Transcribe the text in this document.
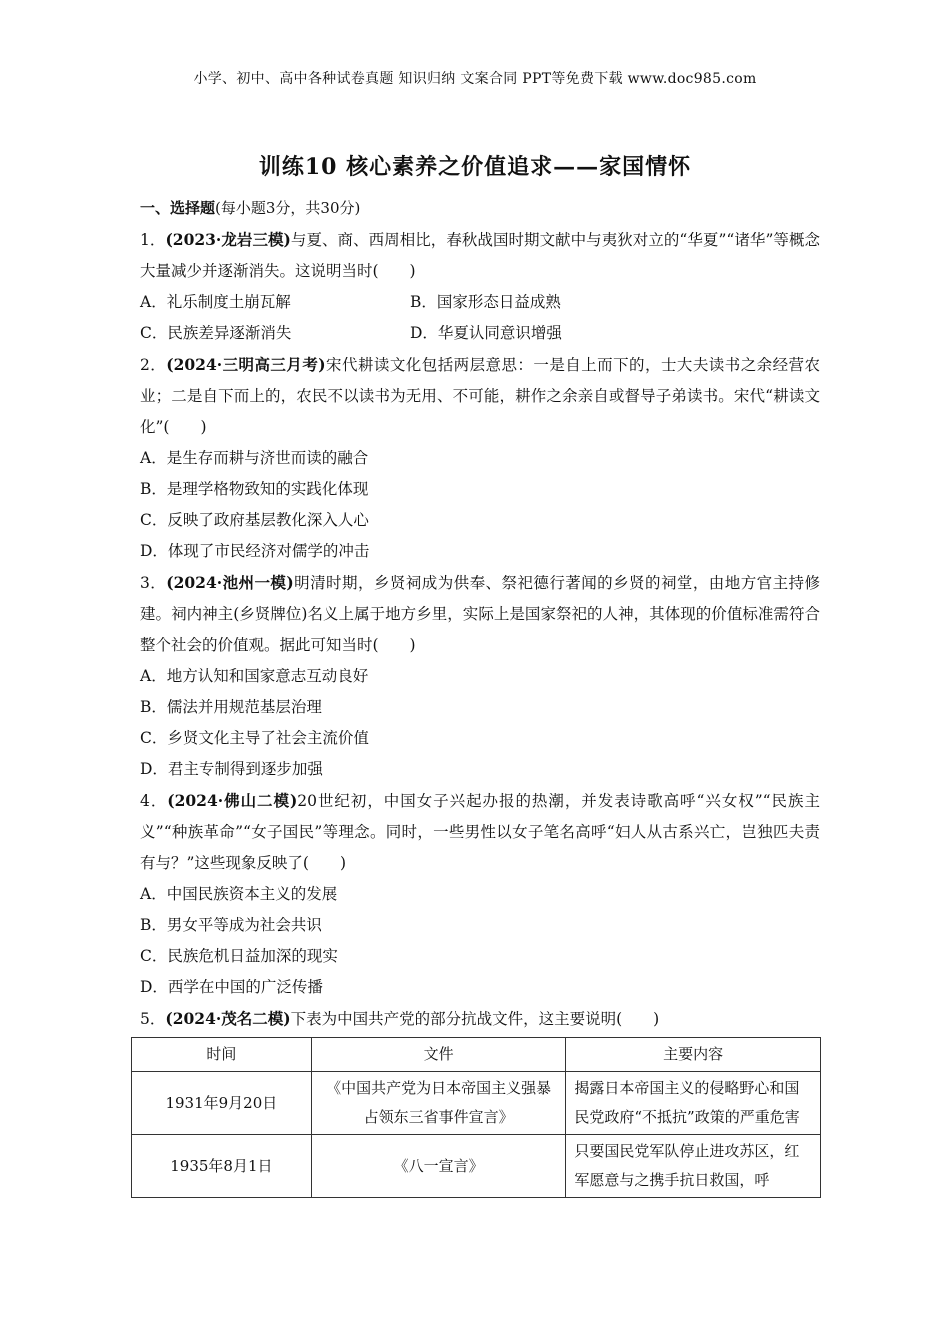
小学、初中、高中各种试卷真题 知识归纳 文案合同 PPT等免费下载 www.doc985.com
训练10 核心素养之价值追求——家国情怀
一、选择题(每小题3分，共30分)
1．(2023·龙岩三模)与夏、商、西周相比，春秋战国时期文献中与夷狄对立的“华夏”“诸华”等概念大量减少并逐渐消失。这说明当时(　　)
A．礼乐制度土崩瓦解	B．国家形态日益成熟
C．民族差异逐渐消失	D．华夏认同意识增强
2．(2024·三明高三月考)宋代耕读文化包括两层意思：一是自上而下的，士大夫读书之余经营农业；二是自下而上的，农民不以读书为无用、不可能，耕作之余亲自或督导子弟读书。宋代“耕读文化”(　　)
A．是生存而耕与济世而读的融合
B．是理学格物致知的实践化体现
C．反映了政府基层教化深入人心
D．体现了市民经济对儒学的冲击
3．(2024·池州一模)明清时期，乡贤祠成为供奉、祭祀德行著闻的乡贤的祠堂，由地方官主持修建。祠内神主(乡贤牌位)名义上属于地方乡里，实际上是国家祭祀的人神，其体现的价值标准需符合整个社会的价值观。据此可知当时(　　)
A．地方认知和国家意志互动良好
B．儒法并用规范基层治理
C．乡贤文化主导了社会主流价值
D．君主专制得到逐步加强
4．(2024·佛山二模)20世纪初，中国女子兴起办报的热潮，并发表诗歌高呼“兴女权”“民族主义”“种族革命”“女子国民”等理念。同时，一些男性以女子笔名高呼“妇人从古系兴亡，岂独匹夫责有与？”这些现象反映了(　　)
A．中国民族资本主义的发展
B．男女平等成为社会共识
C．民族危机日益加深的现实
D．西学在中国的广泛传播
5．(2024·茂名二模)下表为中国共产党的部分抗战文件，这主要说明(　　)
时间	文件	主要内容
1931年9月20日	《中国共产党为日本帝国主义强暴占领东三省事件宣言》	揭露日本帝国主义的侵略野心和国民党政府“不抵抗”政策的严重危害
1935年8月1日	《八一宣言》	只要国民党军队停止进攻苏区，红军愿意与之携手抗日救国，呼
